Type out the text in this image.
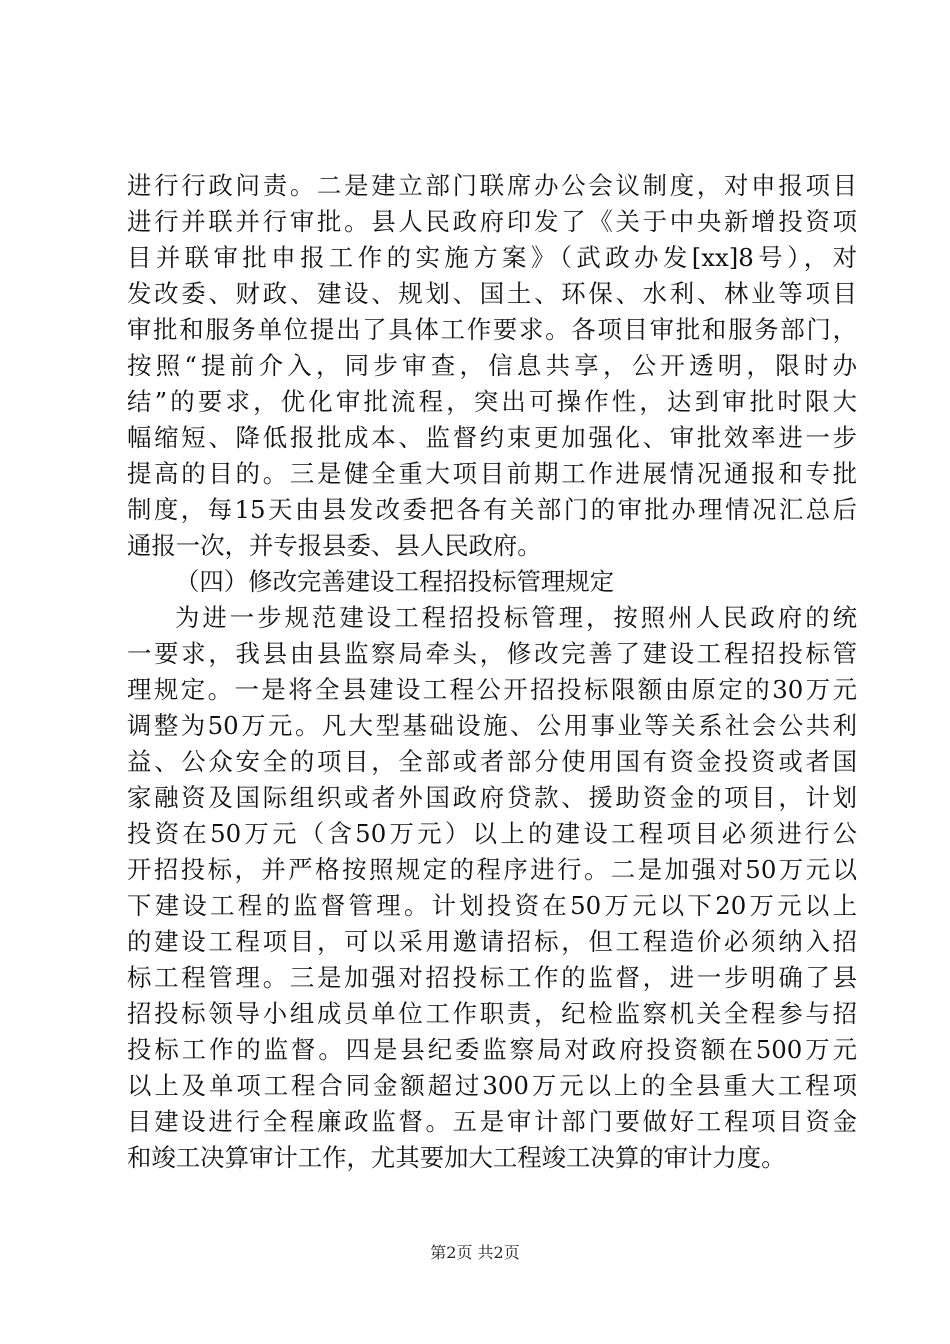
进行行政问责。二是建立部门联席办公会议制度，对申报项目
进行并联并行审批。县人民政府印发了《关于中央新增投资项
目并联审批申报工作的实施方案》（武政办发[xx]8号），对
发改委、财政、建设、规划、国土、环保、水利、林业等项目
审批和服务单位提出了具体工作要求。各项目审批和服务部门，
按照“提前介入，同步审查，信息共享，公开透明，限时办
结”的要求，优化审批流程，突出可操作性，达到审批时限大
幅缩短、降低报批成本、监督约束更加强化、审批效率进一步
提高的目的。三是健全重大项目前期工作进展情况通报和专批
制度，每15天由县发改委把各有关部门的审批办理情况汇总后
通报一次，并专报县委、县人民政府。
（四）修改完善建设工程招投标管理规定
为进一步规范建设工程招投标管理，按照州人民政府的统
一要求，我县由县监察局牵头，修改完善了建设工程招投标管
理规定。一是将全县建设工程公开招投标限额由原定的30万元
调整为50万元。凡大型基础设施、公用事业等关系社会公共利
益、公众安全的项目，全部或者部分使用国有资金投资或者国
家融资及国际组织或者外国政府贷款、援助资金的项目，计划
投资在50万元（含50万元）以上的建设工程项目必须进行公
开招投标，并严格按照规定的程序进行。二是加强对50万元以
下建设工程的监督管理。计划投资在50万元以下20万元以上
的建设工程项目，可以采用邀请招标，但工程造价必须纳入招
标工程管理。三是加强对招投标工作的监督，进一步明确了县
招投标领导小组成员单位工作职责，纪检监察机关全程参与招
投标工作的监督。四是县纪委监察局对政府投资额在500万元
以上及单项工程合同金额超过300万元以上的全县重大工程项
目建设进行全程廉政监督。五是审计部门要做好工程项目资金
和竣工决算审计工作，尤其要加大工程竣工决算的审计力度。
第2页 共2页
